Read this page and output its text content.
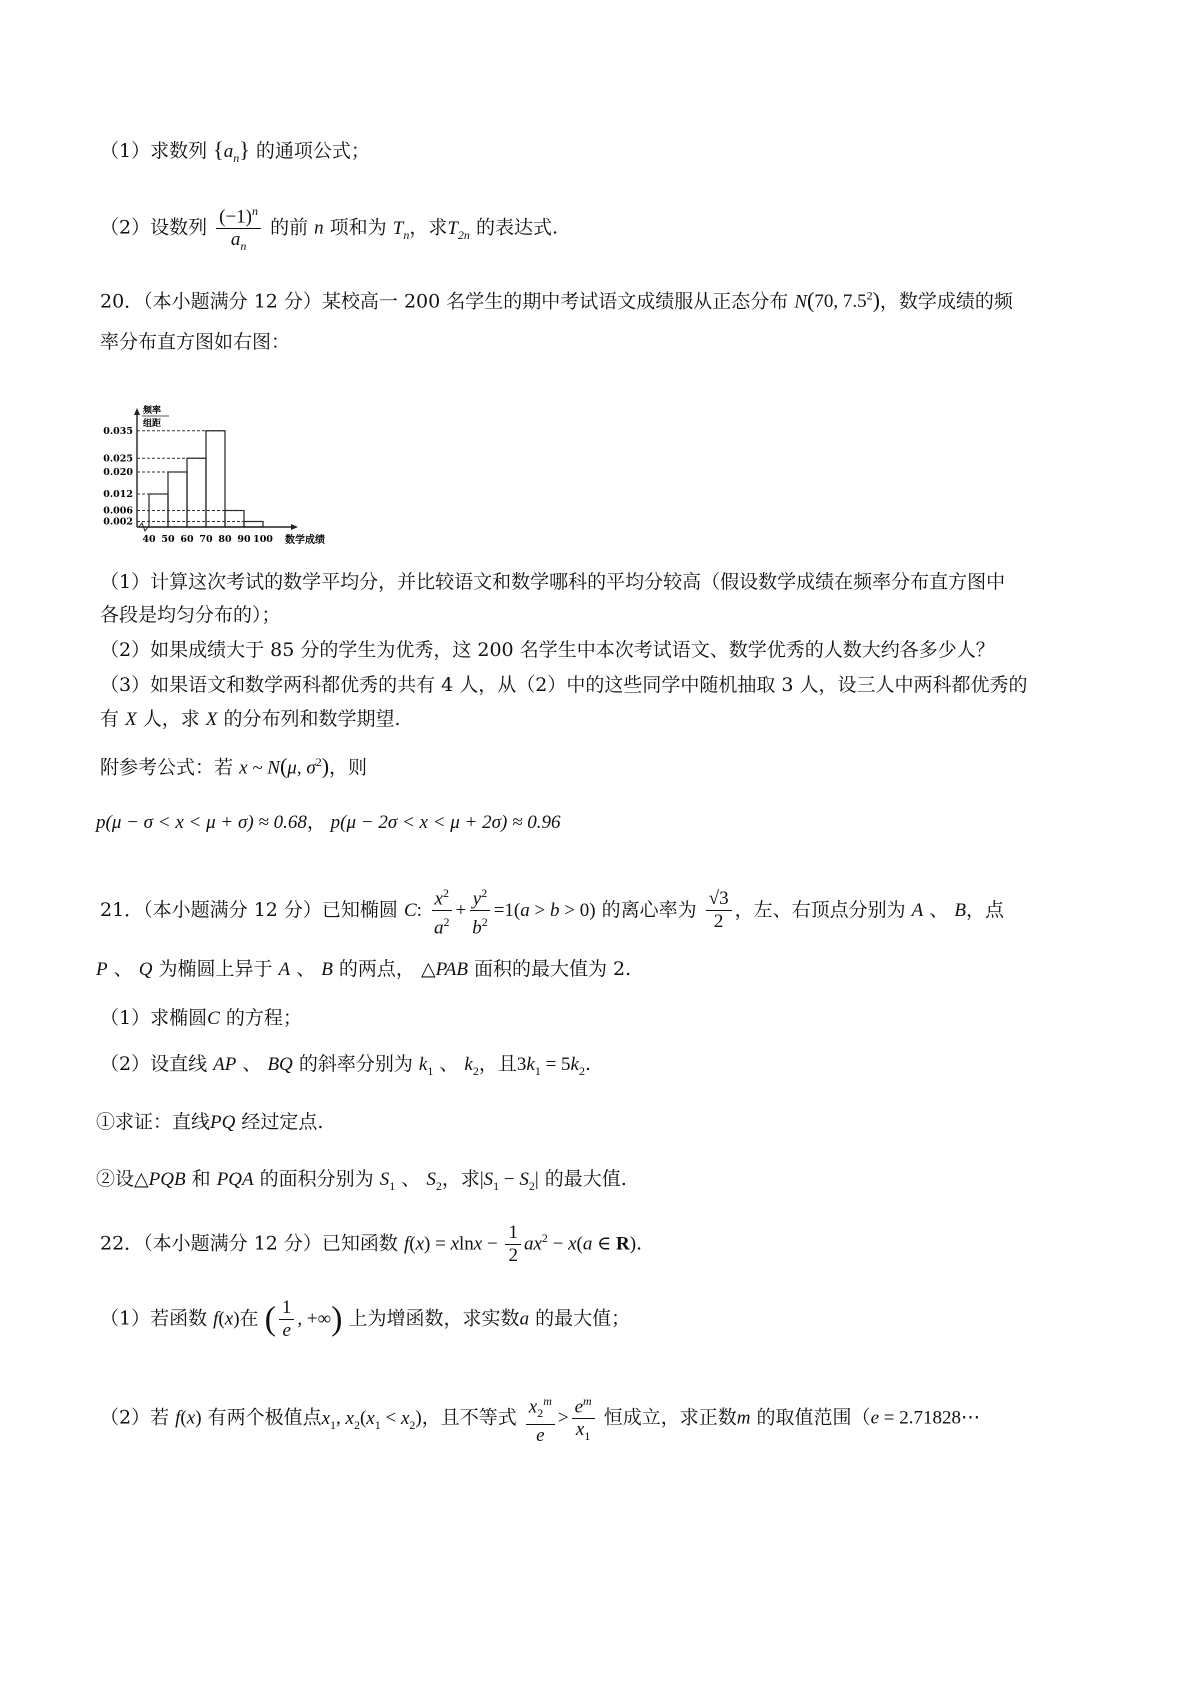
（1）求数列 $\{a_n\}$ 的通项公式；
（2）设数列 $\frac{(-1)^n}{a_n}$ 的前 n 项和为 $T_n$，求$T_{2n}$ 的表达式.
20．（本小题满分 12 分）某校高一 200 名学生的期中考试语文成绩服从正态分布 N(70, $7.5^2$)，数学成绩的频
率分布直方图如右图：
频率
组距
0.035
0.025
0.020
0.012
0.006
0.002
40 50 60 70 80 90 100 数学成绩
（1）计算这次考试的数学平均分，并比较语文和数学哪科的平均分较高（假设数学成绩在频率分布直方图中
各段是均匀分布的）；
（2）如果成绩大于 85 分的学生为优秀，这 200 名学生中本次考试语文、数学优秀的人数大约各多少人？
（3）如果语文和数学两科都优秀的共有 4 人，从（2）中的这些同学中随机抽取 3 人，设三人中两科都优秀的
有 X 人，求 X 的分布列和数学期望.
附参考公式：若 x ~ N(μ, $\sigma^2$)，则
p(μ − σ < x < μ + σ) ≈ 0.68， p(μ − 2σ < x < μ + 2σ) ≈ 0.96
21．（本小题满分 12 分）已知椭圆 C: $\frac{x^2}{a^2} + \frac{y^2}{b^2} =1(a > b > 0)$ 的离心率为 $\frac{√3}{2}$ ，左、右顶点分别为 A 、 B，点
P 、 Q 为椭圆上异于 A 、 B 的两点， △PAB 面积的最大值为 2.
（1）求椭圆C 的方程；
（2）设直线 AP 、 BQ 的斜率分别为 $k_1$ 、 $k_2$，且$3k_1 = 5k_2$.
①求证：直线PQ 经过定点.
②设△PQB 和 PQA 的面积分别为 $S_1$ 、 $S_2$，求$|S_1 - S_2|$ 的最大值.
22．（本小题满分 12 分）已知函数 $f(x) = xlnx - \frac{1}{2} ax^2 - x(a$ ∈ R).
（1）若函数 f(x)在 ( $\frac{1}{e}$ , +∞) 上为增函数，求实数a 的最大值；
（2）若 f(x) 有两个极值点$x_1$, $x_2(x_1 < x_2)$，且不等式 $\frac{x_2^m}{e} > \frac{e^m}{x_1}$ 恒成立，求正数m 的取值范围（e = 2.71828⋯
